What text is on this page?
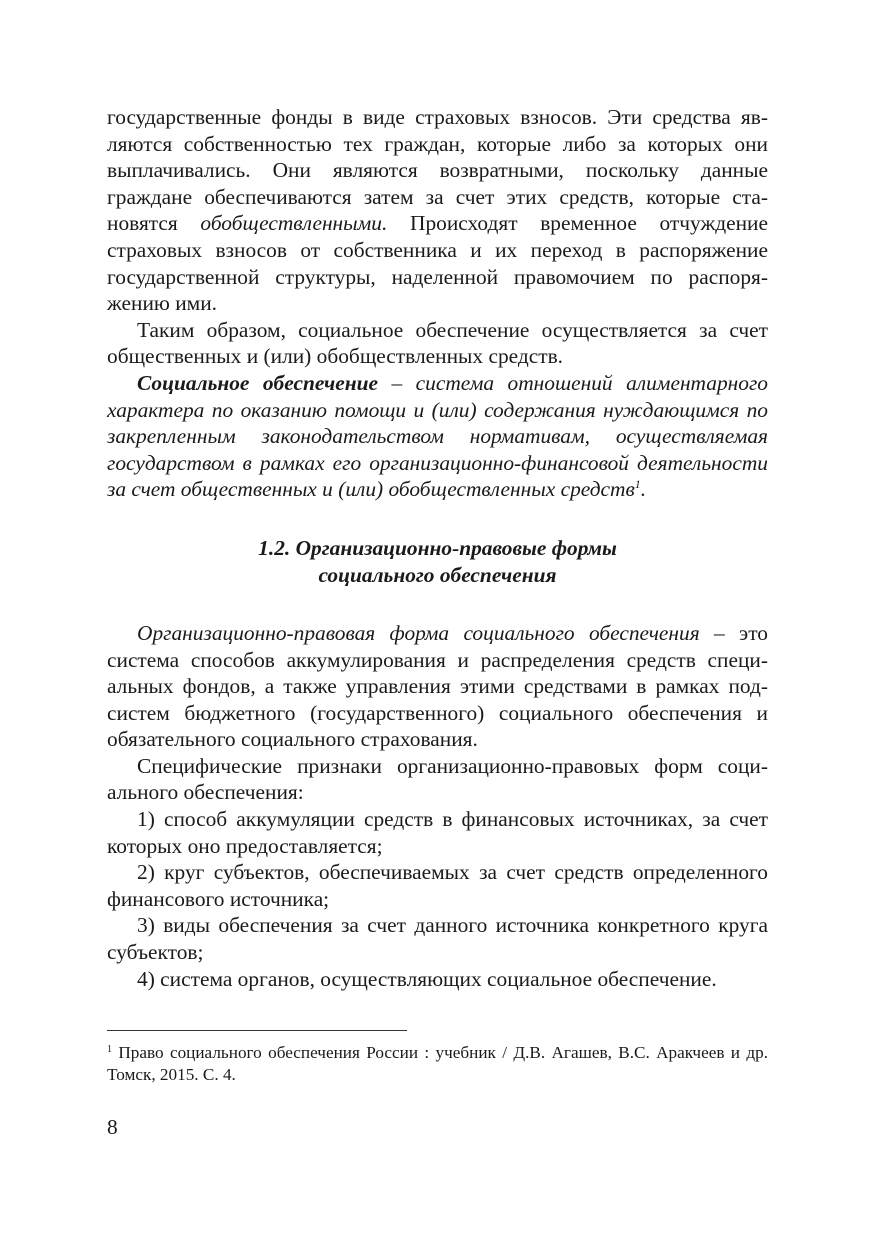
государственные фонды в виде страховых взносов. Эти средства являются собственностью тех граждан, которые либо за которых они выплачивались. Они являются возвратными, поскольку данные граждане обеспечиваются затем за счет этих средств, которые становятся обобществленными. Происходят временное отчуждение страховых взносов от собственника и их переход в распоряжение государственной структуры, наделенной правомочием по распоряжению ими.

Таким образом, социальное обеспечение осуществляется за счет общественных и (или) обобществленных средств.

Социальное обеспечение – система отношений алиментарного характера по оказанию помощи и (или) содержания нуждающимся по закрепленным законодательством нормативам, осуществляемая государством в рамках его организационно-финансовой деятельности за счет общественных и (или) обобществленных средств$^1$.

1.2. Организационно-правовые формы
социального обеспечения

Организационно-правовая форма социального обеспечения – это система способов аккумулирования и распределения средств специальных фондов, а также управления этими средствами в рамках подсистем бюджетного (государственного) социального обеспечения и обязательного социального страхования.

Специфические признаки организационно-правовых форм социального обеспечения:

1) способ аккумуляции средств в финансовых источниках, за счет которых оно предоставляется;

2) круг субъектов, обеспечиваемых за счет средств определенного финансового источника;

3) виды обеспечения за счет данного источника конкретного круга субъектов;

4) система органов, осуществляющих социальное обеспечение.

$^1$ Право социального обеспечения России : учебник / Д.В. Агашев, В.С. Аракчеев и др. Томск, 2015. С. 4.
8
